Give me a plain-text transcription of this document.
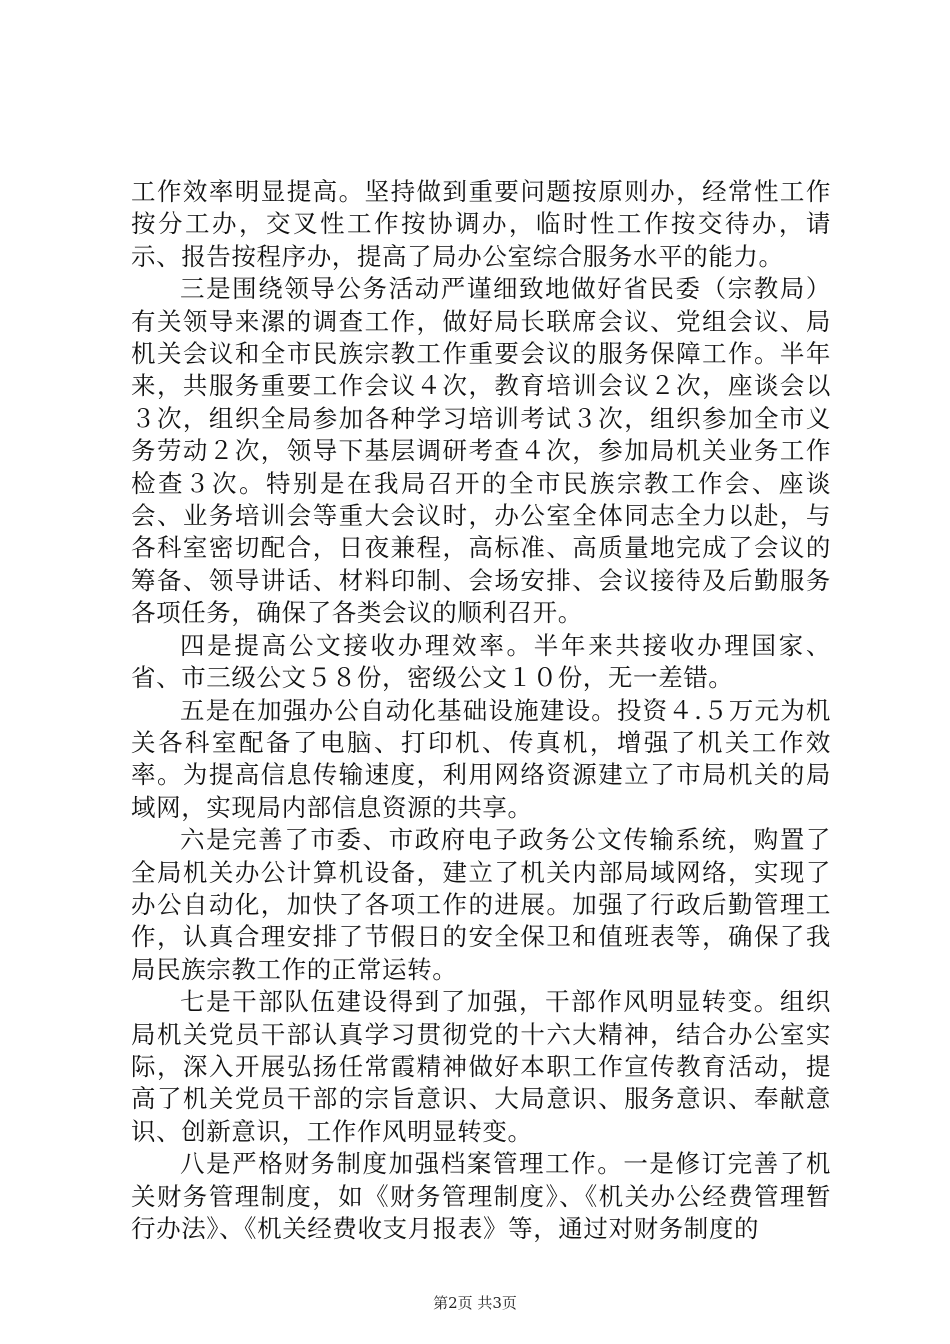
工作效率明显提高。坚持做到重要问题按原则办，经常性工作按分工办，交叉性工作按协调办，临时性工作按交待办，请示、报告按程序办，提高了局办公室综合服务水平的能力。

三是围绕领导公务活动严谨细致地做好省民委（宗教局）有关领导来漯的调查工作，做好局长联席会议、党组会议、局机关会议和全市民族宗教工作重要会议的服务保障工作。半年来，共服务重要工作会议４次，教育培训会议２次，座谈会以３次，组织全局参加各种学习培训考试３次，组织参加全市义务劳动２次，领导下基层调研考查４次，参加局机关业务工作检查３次。特别是在我局召开的全市民族宗教工作会、座谈会、业务培训会等重大会议时，办公室全体同志全力以赴，与各科室密切配合，日夜兼程，高标准、高质量地完成了会议的筹备、领导讲话、材料印制、会场安排、会议接待及后勤服务各项任务，确保了各类会议的顺利召开。

四是提高公文接收办理效率。半年来共接收办理国家、省、市三级公文５８份，密级公文１０份，无一差错。

五是在加强办公自动化基础设施建设。投资４.５万元为机关各科室配备了电脑、打印机、传真机，增强了机关工作效率。为提高信息传输速度，利用网络资源建立了市局机关的局域网，实现局内部信息资源的共享。

六是完善了市委、市政府电子政务公文传输系统，购置了全局机关办公计算机设备，建立了机关内部局域网络，实现了办公自动化，加快了各项工作的进展。加强了行政后勤管理工作，认真合理安排了节假日的安全保卫和值班表等，确保了我局民族宗教工作的正常运转。

七是干部队伍建设得到了加强，干部作风明显转变。组织局机关党员干部认真学习贯彻党的十六大精神，结合办公室实际，深入开展弘扬任常霞精神做好本职工作宣传教育活动，提高了机关党员干部的宗旨意识、大局意识、服务意识、奉献意识、创新意识，工作作风明显转变。

八是严格财务制度加强档案管理工作。一是修订完善了机关财务管理制度，如《财务管理制度》、《机关办公经费管理暂行办法》、《机关经费收支月报表》等，通过对财务制度的

第2页 共3页
